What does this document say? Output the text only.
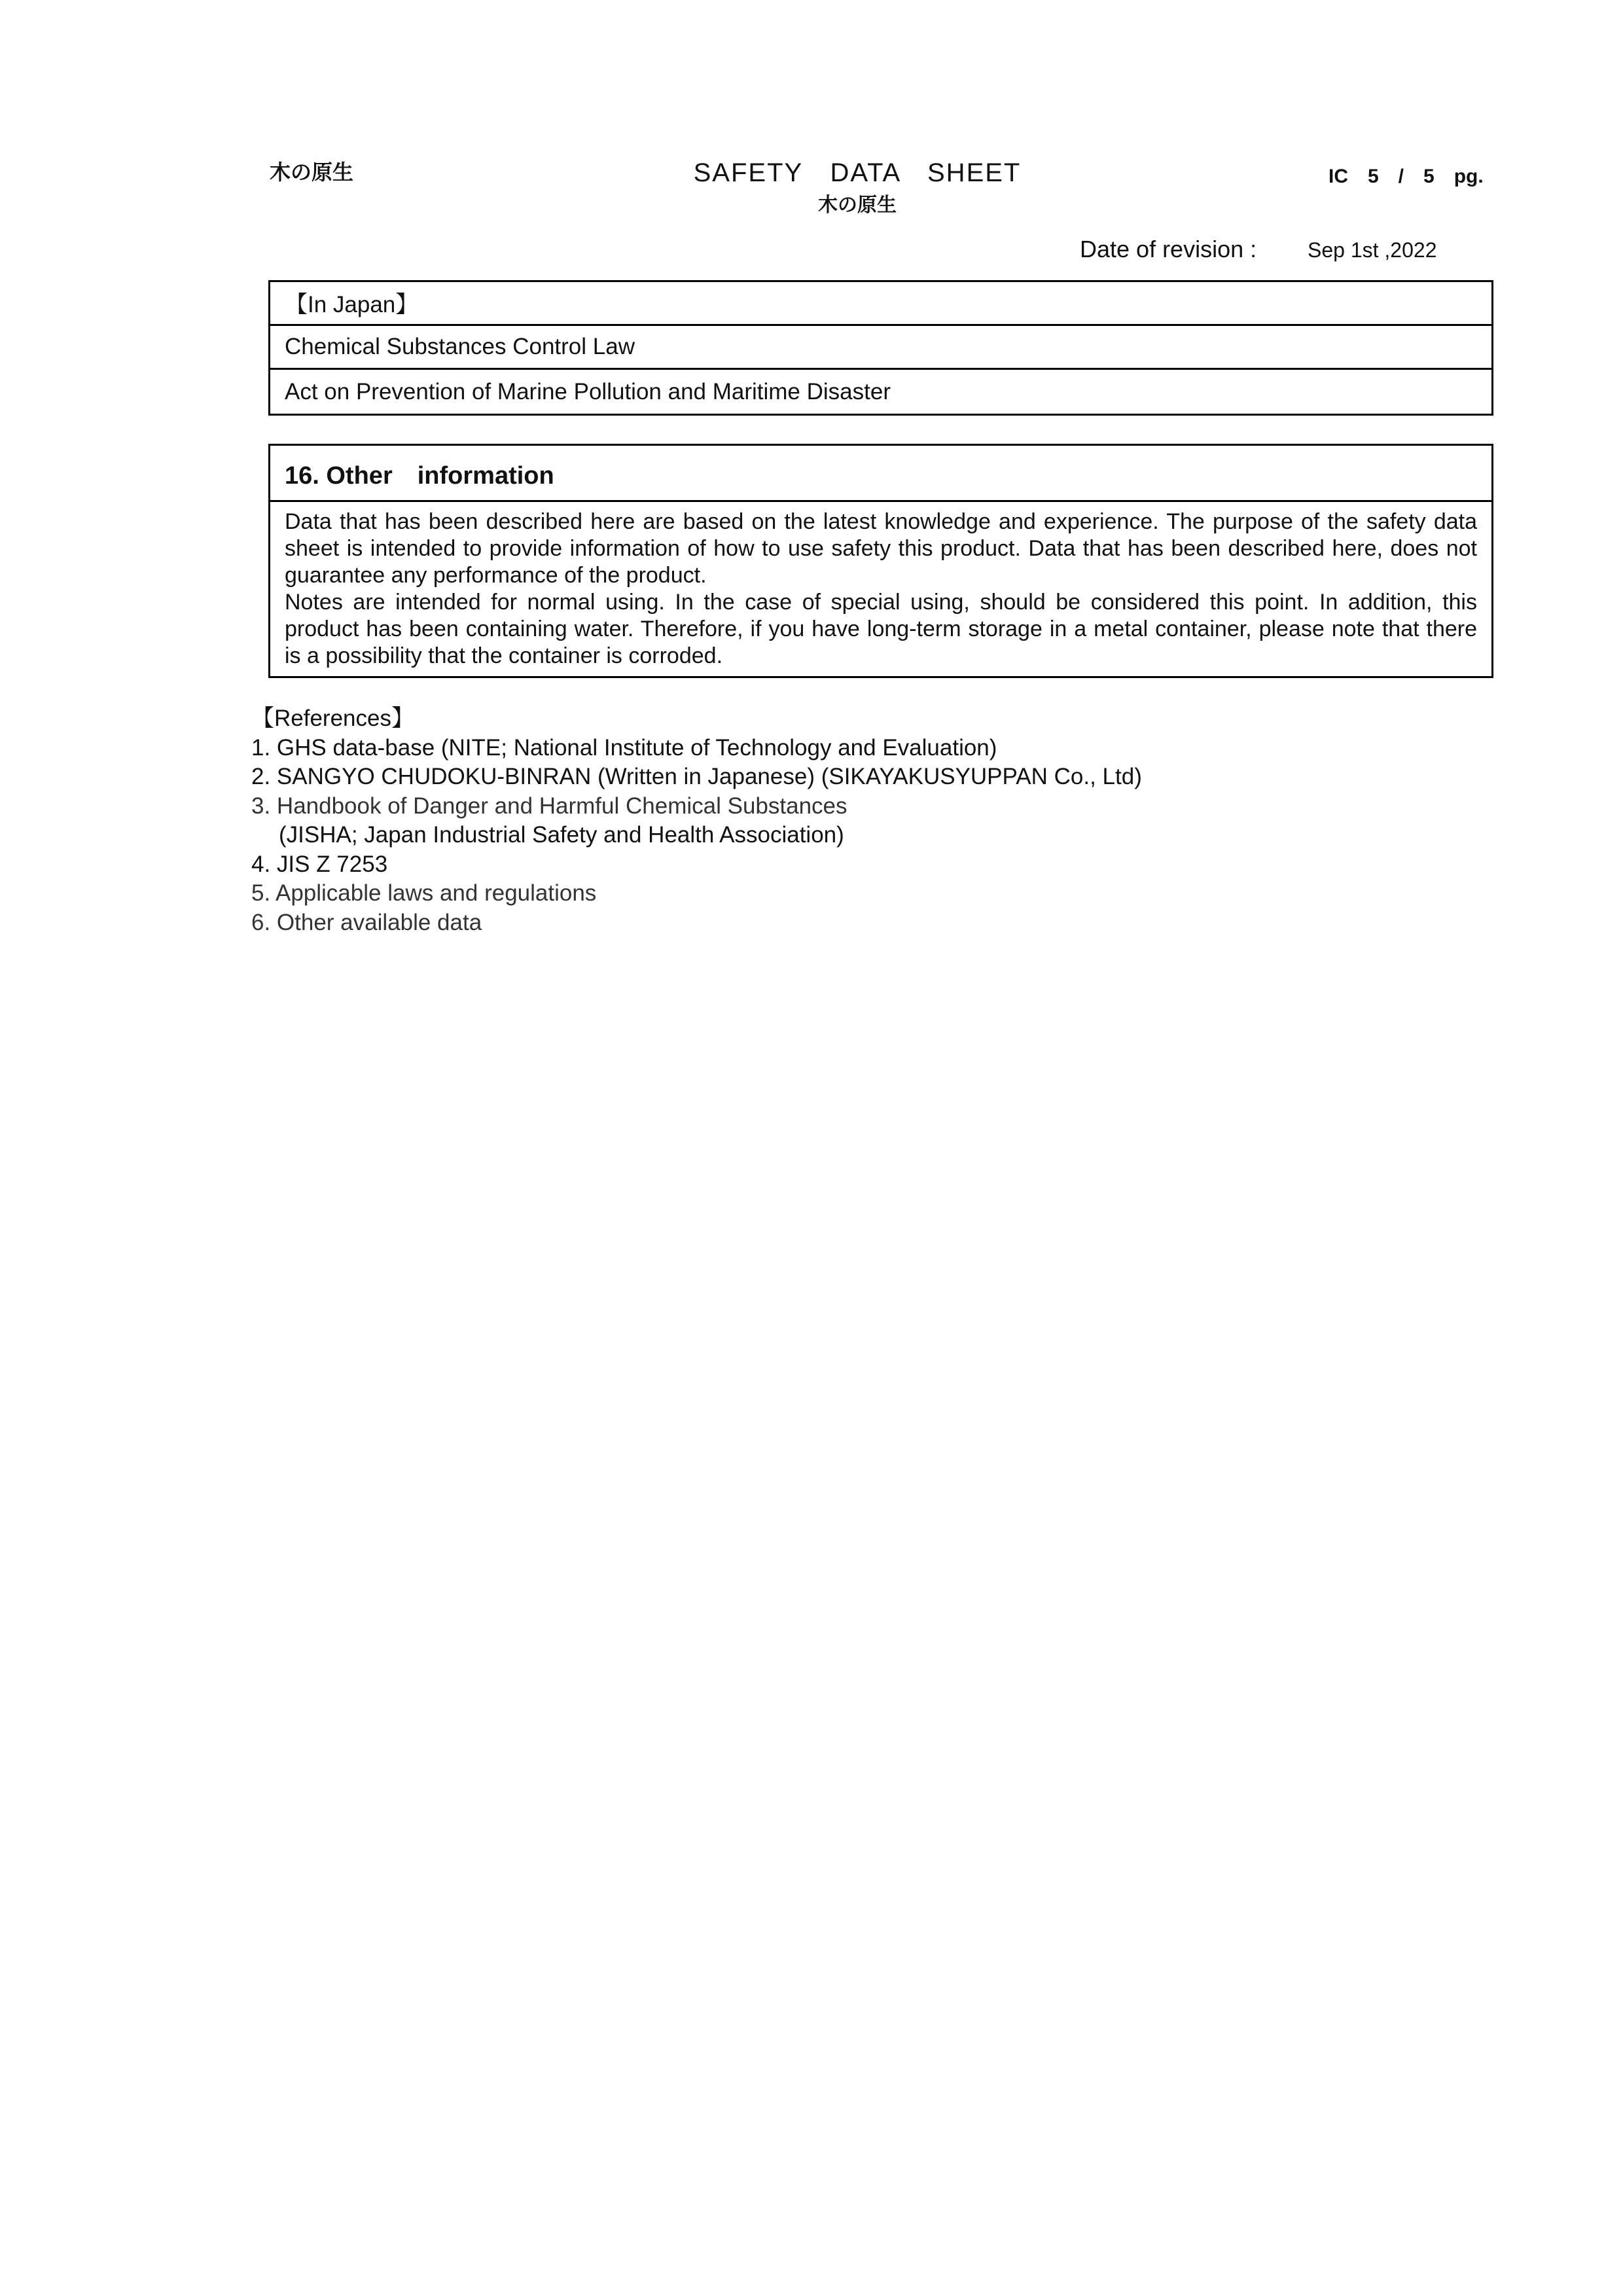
木の原生	SAFETY　DATA　SHEET
木の原生
IC　5　/　5　pg.
Date of revision : Sep 1st ,2022
【In Japan】
Chemical Substances Control Law
Act on Prevention of Marine Pollution and Maritime Disaster
16. Other　information

Data that has been described here are based on the latest knowledge and experience. The purpose of the safety data sheet is intended to provide information of how to use safety this product. Data that has been described here, does not guarantee any performance of the product.

Notes are intended for normal using. In the case of special using, should be considered this point. In addition, this product has been containing water. Therefore, if you have long-term storage in a metal container, please note that there is a possibility that the container is corroded.

【References】

1. GHS data-base (NITE; National Institute of Technology and Evaluation)
2. SANGYO CHUDOKU-BINRAN (Written in Japanese) (SIKAYAKUSYUPPAN Co., Ltd)
3. Handbook of Danger and Harmful Chemical Substances
(JISHA; Japan Industrial Safety and Health Association)
4. JIS Z 7253
5. Applicable laws and regulations
6. Other available data
